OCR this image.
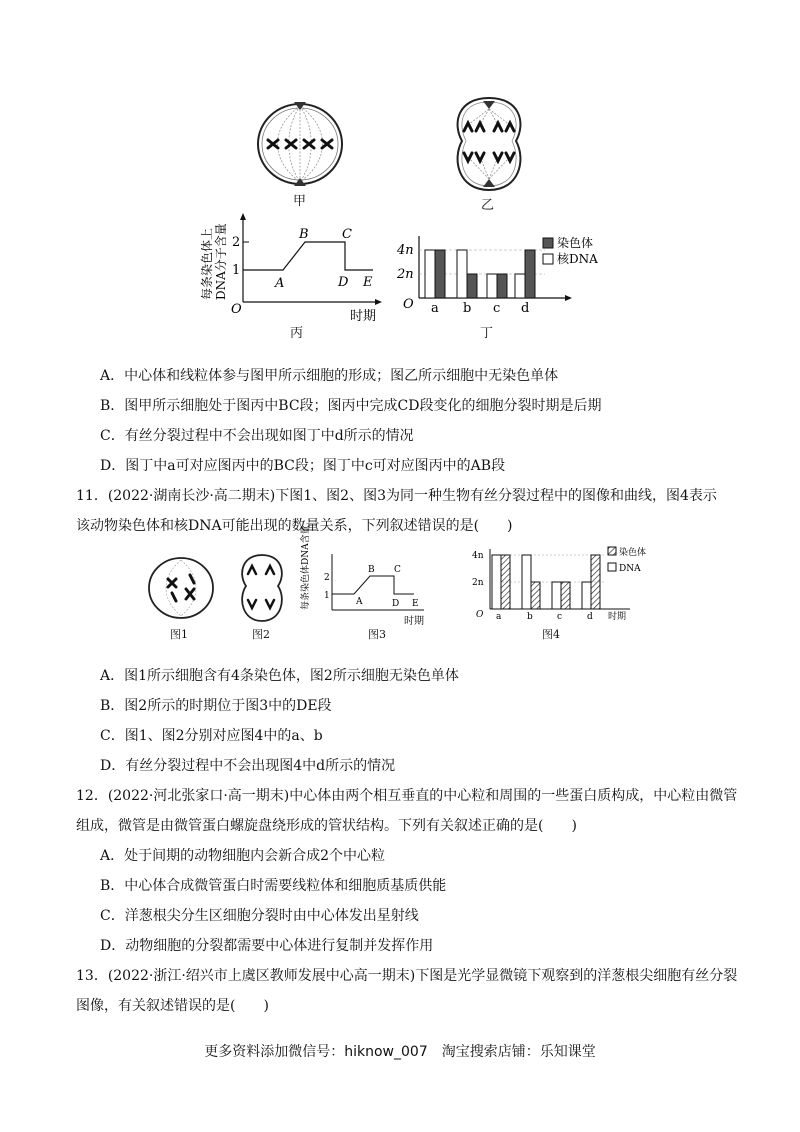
甲	乙
2
1
A
B	C
D E
O	时期
每条染色体上 DNA分子含量
丙
4n
2n
O a b c d
染色体
核DNA
丁
A．中心体和线粒体参与图甲所示细胞的形成；图乙所示细胞中无染色单体
B．图甲所示细胞处于图丙中BC段；图丙中完成CD段变化的细胞分裂时期是后期
C．有丝分裂过程中不会出现如图丁中d所示的情况
D．图丁中a可对应图丙中的BC段；图丁中c可对应图丙中的AB段
11．(2022·湖南长沙·高二期末)下图1、图2、图3为同一种生物有丝分裂过程中的图像和曲线，图4表示
该动物染色体和核DNA可能出现的数量关系，下列叙述错误的是(　　)
图1	图2
2
1
A
B C
D E
每条染色体DNA含量
时期
图3
4n
2n
O a	b	c	d 时期
染色体
DNA
图4
A．图1所示细胞含有4条染色体，图2所示细胞无染色单体
B．图2所示的时期位于图3中的DE段
C．图1、图2分别对应图4中的a、b
D．有丝分裂过程中不会出现图4中d所示的情况
12．(2022·河北张家口·高一期末)中心体由两个相互垂直的中心粒和周围的一些蛋白质构成，中心粒由微管
组成，微管是由微管蛋白螺旋盘绕形成的管状结构。下列有关叙述正确的是(　　)
A．处于间期的动物细胞内会新合成2个中心粒
B．中心体合成微管蛋白时需要线粒体和细胞质基质供能
C．洋葱根尖分生区细胞分裂时由中心体发出星射线
D．动物细胞的分裂都需要中心体进行复制并发挥作用
13．(2022·浙江·绍兴市上虞区教师发展中心高一期末)下图是光学显微镜下观察到的洋葱根尖细胞有丝分裂
图像，有关叙述错误的是(　　)
更多资料添加微信号：hiknow_007　淘宝搜索店铺：乐知课堂
